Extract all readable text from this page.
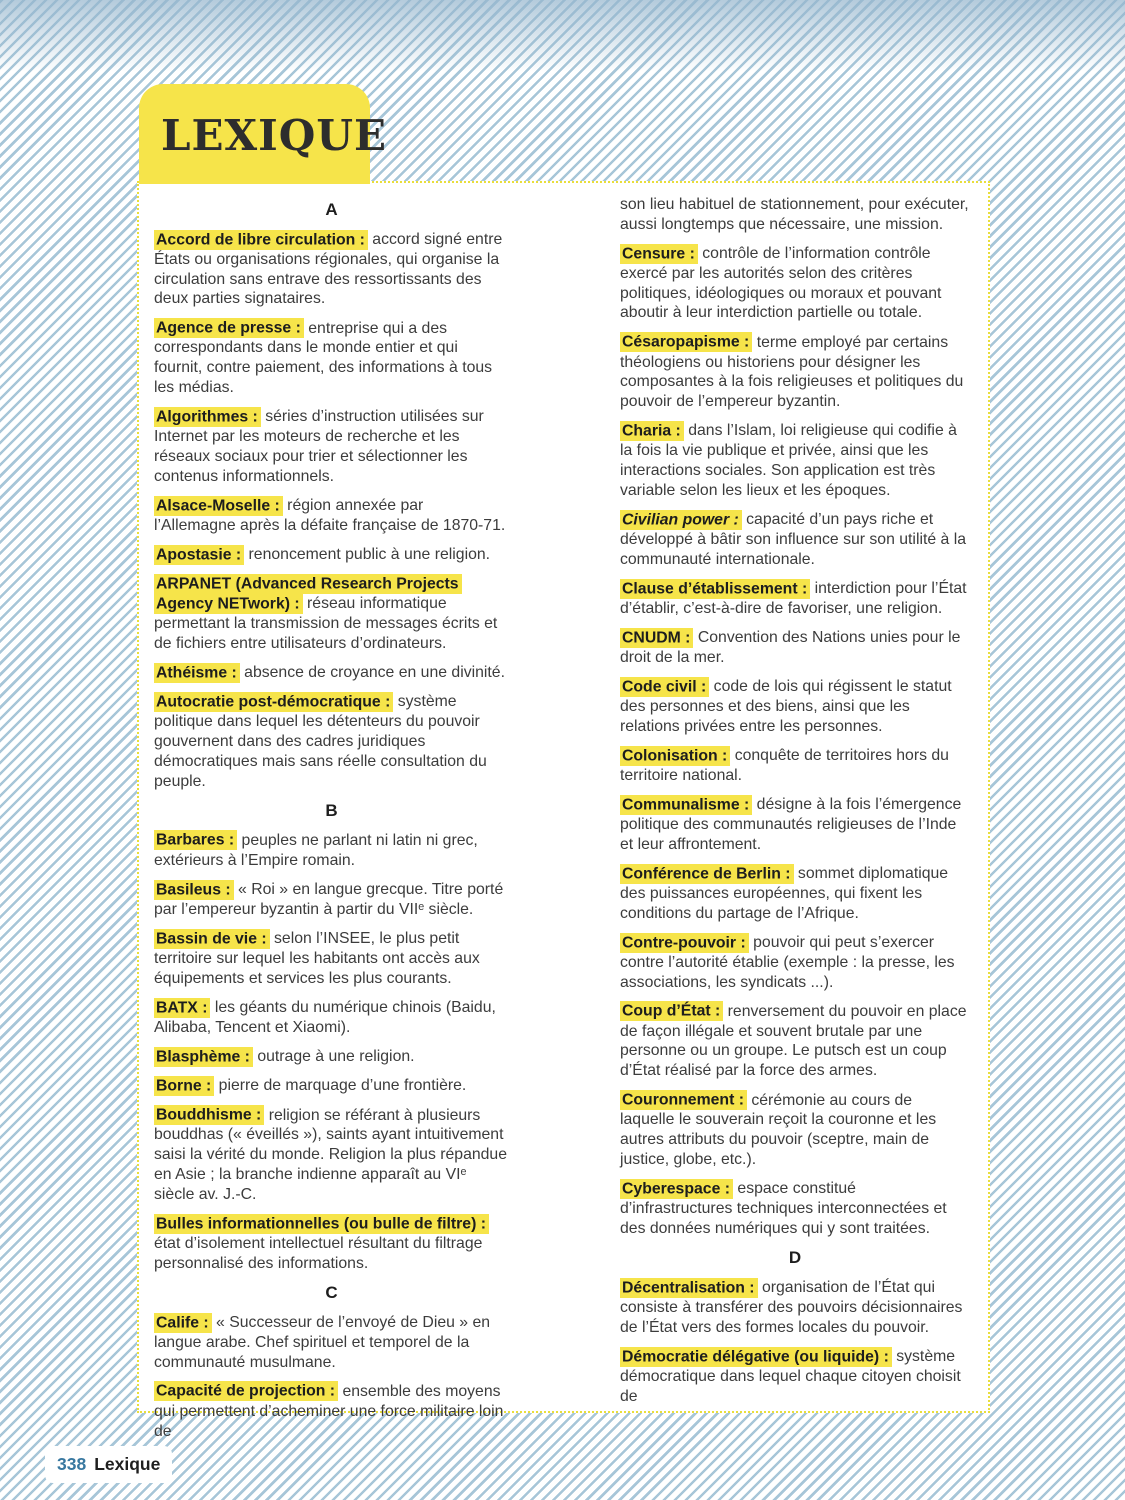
LEXIQUE
A

Accord de libre circulation : accord signé entre États ou organisations régionales, qui organise la circulation sans entrave des ressortissants des deux parties signataires.

Agence de presse : entreprise qui a des correspondants dans le monde entier et qui fournit, contre paiement, des informations à tous les médias.

Algorithmes : séries d’instruction utilisées sur Internet par les moteurs de recherche et les réseaux sociaux pour trier et sélectionner les contenus informationnels.

Alsace-Moselle : région annexée par l’Allemagne après la défaite française de 1870-71.

Apostasie : renoncement public à une religion.

ARPANET (Advanced Research Projects Agency NETwork) : réseau informatique permettant la transmission de messages écrits et de fichiers entre utilisateurs d’ordinateurs.

Athéisme : absence de croyance en une divinité.

Autocratie post-démocratique : système politique dans lequel les détenteurs du pouvoir gouvernent dans des cadres juridiques démocratiques mais sans réelle consultation du peuple.

B

Barbares : peuples ne parlant ni latin ni grec, extérieurs à l’Empire romain.

Basileus : « Roi » en langue grecque. Titre porté par l’empereur byzantin à partir du VIIᵉ siècle.

Bassin de vie : selon l’INSEE, le plus petit territoire sur lequel les habitants ont accès aux équipements et services les plus courants.

BATX : les géants du numérique chinois (Baidu, Alibaba, Tencent et Xiaomi).

Blasphème : outrage à une religion.

Borne : pierre de marquage d’une frontière.

Bouddhisme : religion se référant à plusieurs bouddhas (« éveillés »), saints ayant intuitivement saisi la vérité du monde. Religion la plus répandue en Asie ; la branche indienne apparaît au VIᵉ siècle av. J.-C.

Bulles informationnelles (ou bulle de filtre) : état d’isolement intellectuel résultant du filtrage personnalisé des informations.

C

Calife : « Successeur de l’envoyé de Dieu » en langue arabe. Chef spirituel et temporel de la communauté musulmane.

Capacité de projection : ensemble des moyens qui permettent d’acheminer une force militaire loin de

son lieu habituel de stationnement, pour exécuter, aussi longtemps que nécessaire, une mission.

Censure : contrôle de l’information contrôle exercé par les autorités selon des critères politiques, idéologiques ou moraux et pouvant aboutir à leur interdiction partielle ou totale.

Césaropapisme : terme employé par certains théologiens ou historiens pour désigner les composantes à la fois religieuses et politiques du pouvoir de l’empereur byzantin.

Charia : dans l’Islam, loi religieuse qui codifie à la fois la vie publique et privée, ainsi que les interactions sociales. Son application est très variable selon les lieux et les époques.

Civilian power : capacité d’un pays riche et développé à bâtir son influence sur son utilité à la communauté internationale.

Clause d’établissement : interdiction pour l’État d’établir, c’est-à-dire de favoriser, une religion.

CNUDM : Convention des Nations unies pour le droit de la mer.

Code civil : code de lois qui régissent le statut des personnes et des biens, ainsi que les relations privées entre les personnes.

Colonisation : conquête de territoires hors du territoire national.

Communalisme : désigne à la fois l’émergence politique des communautés religieuses de l’Inde et leur affrontement.

Conférence de Berlin : sommet diplomatique des puissances européennes, qui fixent les conditions du partage de l’Afrique.

Contre-pouvoir : pouvoir qui peut s’exercer contre l’autorité établie (exemple : la presse, les associations, les syndicats ...).

Coup d’État : renversement du pouvoir en place de façon illégale et souvent brutale par une personne ou un groupe. Le putsch est un coup d’État réalisé par la force des armes.

Couronnement : cérémonie au cours de laquelle le souverain reçoit la couronne et les autres attributs du pouvoir (sceptre, main de justice, globe, etc.).

Cyberespace : espace constitué d’infrastructures techniques interconnectées et des données numériques qui y sont traitées.

D

Décentralisation : organisation de l’État qui consiste à transférer des pouvoirs décisionnaires de l’État vers des formes locales du pouvoir.

Démocratie délégative (ou liquide) : système démocratique dans lequel chaque citoyen choisit de

338 Lexique
